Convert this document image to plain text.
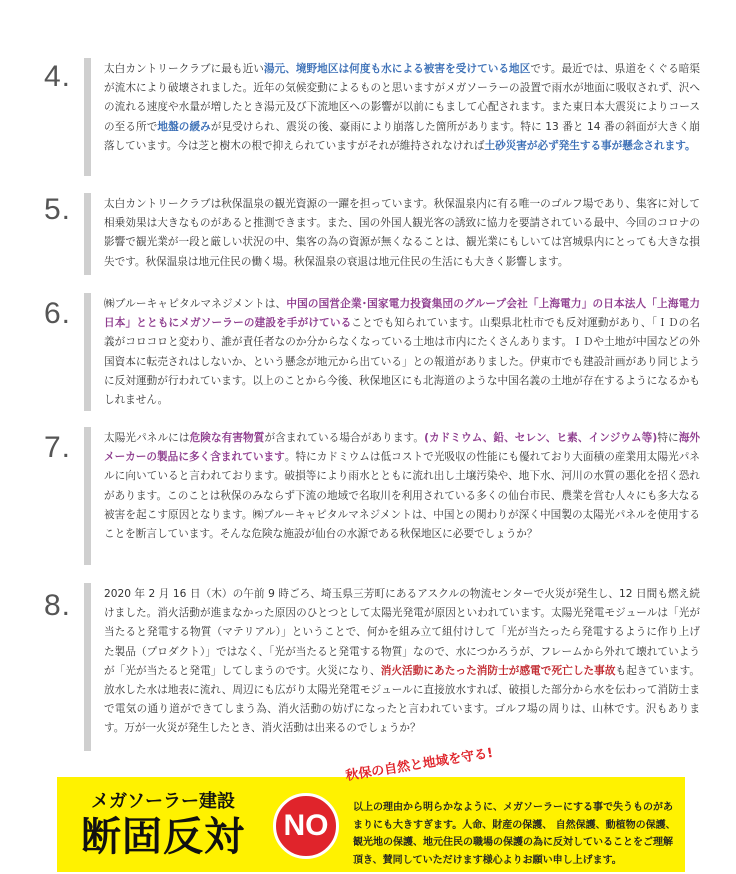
4.	太白カントリークラブに最も近い湯元、境野地区は何度も水による被害を受けている地区です。最近では、県道をくぐる暗渠が流木により破壊されました。近年の気候変動によるものと思いますがメガソーラーの設置で雨水が地面に吸収されず、沢への流れる速度や水量が増したとき湯元及び下流地区への影響が以前にもまして心配されます。また東日本大震災によりコースの至る所で地盤の緩みが見受けられ、震災の後、豪雨により崩落した箇所があります。特に 13 番と 14 番の斜面が大きく崩落しています。今は芝と樹木の根で抑えられていますがそれが維持されなければ土砂災害が必ず発生する事が懸念されます。

5.	太白カントリークラブは秋保温泉の観光資源の一躍を担っています。秋保温泉内に有る唯一のゴルフ場であり、集客に対して相乗効果は大きなものがあると推測できます。また、国の外国人観光客の誘致に協力を要請されている最中、今回のコロナの影響で観光業が一段と厳しい状況の中、集客の為の資源が無くなることは、観光業にもしいては宮城県内にとっても大きな損失です。秋保温泉は地元住民の働く場。秋保温泉の衰退は地元住民の生活にも大きく影響します。

6.	㈱ブルーキャピタルマネジメントは、中国の国営企業･国家電力投資集団のグループ会社「上海電力」の日本法人「上海電力日本」とともにメガソーラーの建設を手がけていることでも知られています。山梨県北杜市でも反対運動があり、「ＩＤの名義がコロコロと変わり、誰が責任者なのか分からなくなっている土地は市内にたくさんあります。ＩＤや土地が中国などの外国資本に転売されはしないか、という懸念が地元から出ている」との報道がありました。伊東市でも建設計画があり同じように反対運動が行われています。以上のことから今後、秋保地区にも北海道のような中国名義の土地が存在するようになるかもしれません。

7.	太陽光パネルには危険な有害物質が含まれている場合があります。(カドミウム、鉛、セレン、ヒ素、インジウム等)特に海外メーカーの製品に多く含まれています。特にカドミウムは低コストで光吸収の性能にも優れており大面積の産業用太陽光パネルに向いていると言われております。破損等により雨水とともに流れ出し土壌汚染や、地下水、河川の水質の悪化を招く恐れがあります。このことは秋保のみならず下流の地域で名取川を利用されている多くの仙台市民、農業を営む人々にも多大なる被害を起こす原因となります。㈱ブルーキャピタルマネジメントは、中国との関わりが深く中国製の太陽光パネルを使用することを断言しています。そんな危険な施設が仙台の水源である秋保地区に必要でしょうか？

8.	2020 年 2 月 16 日（木）の午前 9 時ごろ、埼玉県三芳町にあるアスクルの物流センターで火災が発生し、12 日間も燃え続けました。消火活動が進まなかった原因のひとつとして太陽光発電が原因といわれています。太陽光発電モジュールは「光が当たると発電する物質（マテリアル）」ということで、何かを組み立て組付けして「光が当たったら発電するように作り上げた製品（プロダクト）」ではなく、「光が当たると発電する物質」なので、水につかろうが、フレームから外れて壊れていようが「光が当たると発電」してしまうのです。火災になり、消火活動にあたった消防士が感電で死亡した事故も起きています。放水した水は地表に流れ、周辺にも広がり太陽光発電モジュールに直接放水すれば、破損した部分から水を伝わって消防士まで電気の通り道ができてしまう為、消火活動の妨げになったと言われています。ゴルフ場の周りは、山林です。沢もあります。万が一火災が発生したとき、消火活動は出来るのでしょうか？

メガソーラー建設
断固反対	NO
秋保の自然と地域を守る!
以上の理由から明らかなように、メガソーラーにする事で失うものがあまりにも大きすぎます。人命、財産の保護、 自然保護、動植物の保護、観光地の保護、地元住民の職場の保護の為に反対していることをご理解頂き、賛同していただけます様心よりお願い申し上げます。
